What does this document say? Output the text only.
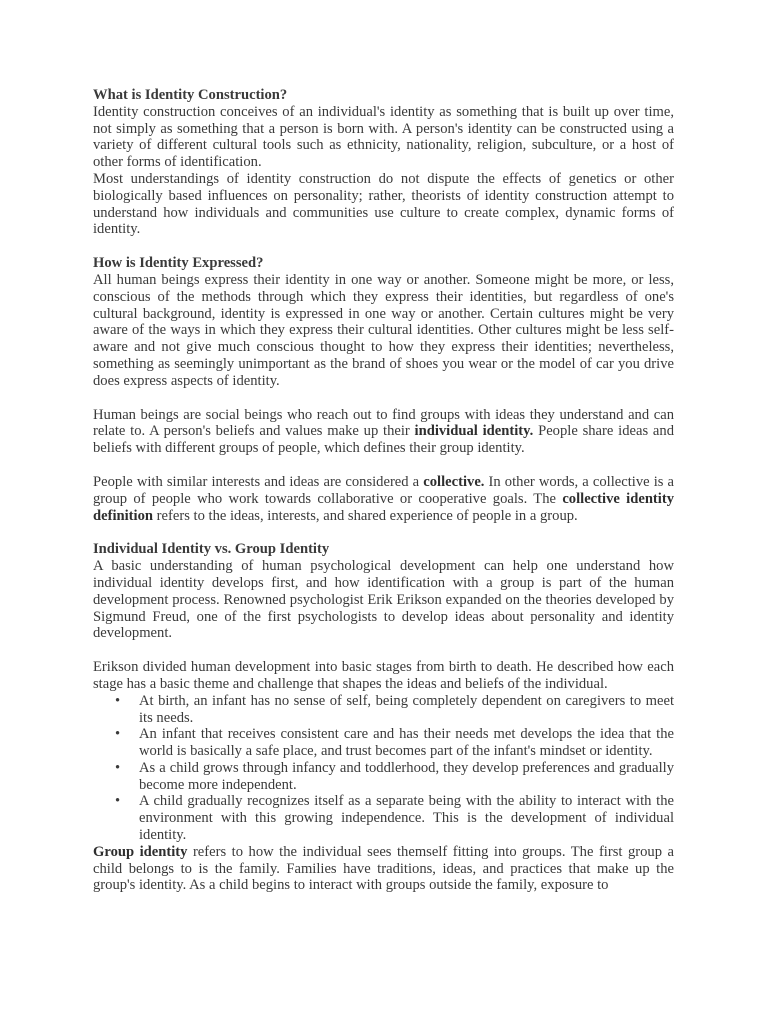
What is Identity Construction?

Identity construction conceives of an individual's identity as something that is built up over time, not simply as something that a person is born with. A person's identity can be constructed using a variety of different cultural tools such as ethnicity, nationality, religion, subculture, or a host of other forms of identification.

Most understandings of identity construction do not dispute the effects of genetics or other biologically based influences on personality; rather, theorists of identity construction attempt to understand how individuals and communities use culture to create complex, dynamic forms of identity.

How is Identity Expressed?

All human beings express their identity in one way or another. Someone might be more, or less, conscious of the methods through which they express their identities, but regardless of one's cultural background, identity is expressed in one way or another. Certain cultures might be very aware of the ways in which they express their cultural identities. Other cultures might be less self-aware and not give much conscious thought to how they express their identities; nevertheless, something as seemingly unimportant as the brand of shoes you wear or the model of car you drive does express aspects of identity.

Human beings are social beings who reach out to find groups with ideas they understand and can relate to. A person's beliefs and values make up their individual identity. People share ideas and beliefs with different groups of people, which defines their group identity.

People with similar interests and ideas are considered a collective. In other words, a collective is a group of people who work towards collaborative or cooperative goals. The collective identity definition refers to the ideas, interests, and shared experience of people in a group.

Individual Identity vs. Group Identity

A basic understanding of human psychological development can help one understand how individual identity develops first, and how identification with a group is part of the human development process. Renowned psychologist Erik Erikson expanded on the theories developed by Sigmund Freud, one of the first psychologists to develop ideas about personality and identity development.

Erikson divided human development into basic stages from birth to death. He described how each stage has a basic theme and challenge that shapes the ideas and beliefs of the individual.

• At birth, an infant has no sense of self, being completely dependent on caregivers to meet its needs.
• An infant that receives consistent care and has their needs met develops the idea that the world is basically a safe place, and trust becomes part of the infant's mindset or identity.
• As a child grows through infancy and toddlerhood, they develop preferences and gradually become more independent.
• A child gradually recognizes itself as a separate being with the ability to interact with the environment with this growing independence. This is the development of individual identity.

Group identity refers to how the individual sees themself fitting into groups. The first group a child belongs to is the family. Families have traditions, ideas, and practices that make up the group's identity. As a child begins to interact with groups outside the family, exposure to
